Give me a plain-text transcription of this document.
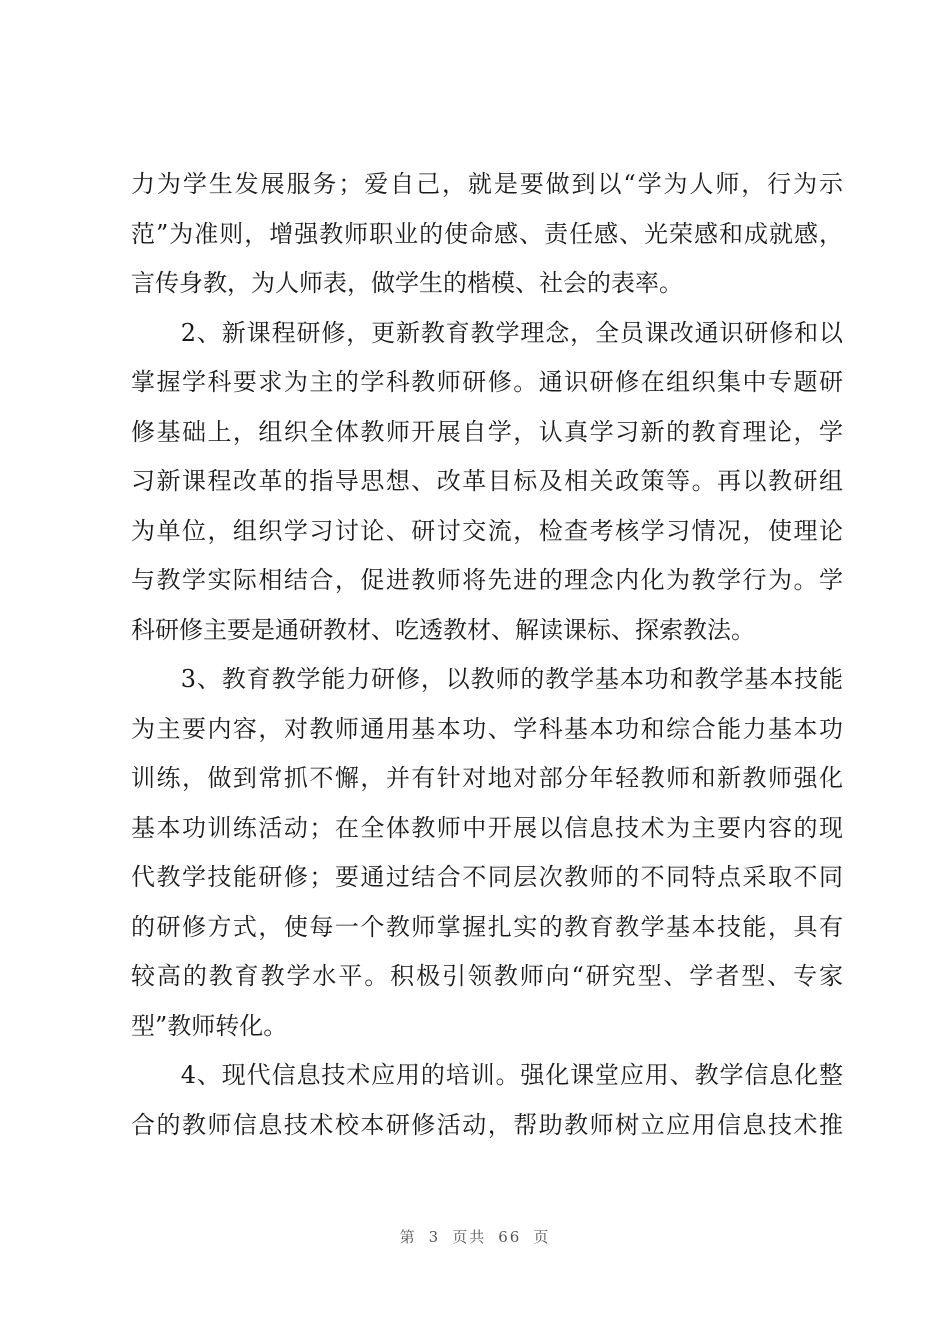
力为学生发展服务；爱自己，就是要做到以“学为人师，行为示
范”为准则，增强教师职业的使命感、责任感、光荣感和成就感，
言传身教，为人师表，做学生的楷模、社会的表率。
　　2、新课程研修，更新教育教学理念，全员课改通识研修和以
掌握学科要求为主的学科教师研修。通识研修在组织集中专题研
修基础上，组织全体教师开展自学，认真学习新的教育理论，学
习新课程改革的指导思想、改革目标及相关政策等。再以教研组
为单位，组织学习讨论、研讨交流，检查考核学习情况，使理论
与教学实际相结合，促进教师将先进的理念内化为教学行为。学
科研修主要是通研教材、吃透教材、解读课标、探索教法。
　　3、教育教学能力研修，以教师的教学基本功和教学基本技能
为主要内容，对教师通用基本功、学科基本功和综合能力基本功
训练，做到常抓不懈，并有针对地对部分年轻教师和新教师强化
基本功训练活动；在全体教师中开展以信息技术为主要内容的现
代教学技能研修；要通过结合不同层次教师的不同特点采取不同
的研修方式，使每一个教师掌握扎实的教育教学基本技能，具有
较高的教育教学水平。积极引领教师向“研究型、学者型、专家
型”教师转化。
　　4、现代信息技术应用的培训。强化课堂应用、教学信息化整
合的教师信息技术校本研修活动，帮助教师树立应用信息技术推
第 3 页共 66 页
